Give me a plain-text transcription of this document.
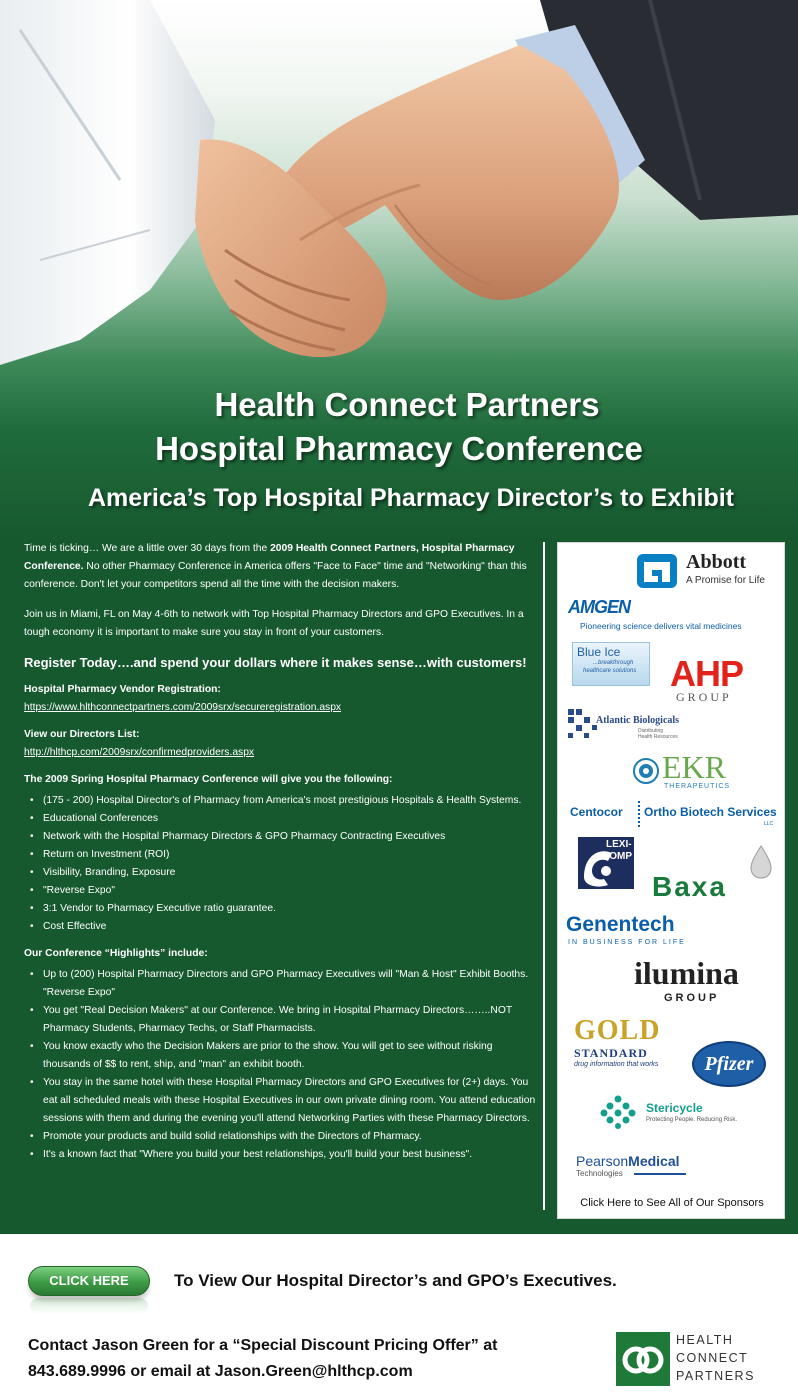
Health Connect Partners
Hospital Pharmacy Conference
America’s Top Hospital Pharmacy Director’s to Exhibit

Time is ticking… We are a little over 30 days from the 2009 Health Connect Partners, Hospital Pharmacy Conference. No other Pharmacy Conference in America offers "Face to Face" time and "Networking" than this conference. Don't let your competitors spend all the time with the decision makers.

Join us in Miami, FL on May 4-6th to network with Top Hospital Pharmacy Directors and GPO Executives. In a tough economy it is important to make sure you stay in front of your customers.

Register Today….and spend your dollars where it makes sense…with customers!

Hospital Pharmacy Vendor Registration:

https://www.hlthconnectpartners.com/2009srx/secureregistration.aspx

View our Directors List:

http://hlthcp.com/2009srx/confirmedproviders.aspx

The 2009 Spring Hospital Pharmacy Conference will give you the following:

• (175 - 200) Hospital Director's of Pharmacy from America's most prestigious Hospitals & Health Systems.
• Educational Conferences
• Network with the Hospital Pharmacy Directors & GPO Pharmacy Contracting Executives
• Return on Investment (ROI)
• Visibility, Branding, Exposure
• "Reverse Expo"
• 3:1 Vendor to Pharmacy Executive ratio guarantee.
• Cost Effective

Our Conference “Highlights” include:

• Up to (200) Hospital Pharmacy Directors and GPO Pharmacy Executives will "Man & Host" Exhibit Booths. "Reverse Expo"
• You get "Real Decision Makers" at our Conference. We bring in Hospital Pharmacy Directors……..NOT Pharmacy Students, Pharmacy Techs, or Staff Pharmacists.
• You know exactly who the Decision Makers are prior to the show. You will get to see without risking thousands of $$ to rent, ship, and "man" an exhibit booth.
• You stay in the same hotel with these Hospital Pharmacy Directors and GPO Executives for (2+) days. You eat all scheduled meals with these Hospital Executives in our own private dining room. You attend education sessions with them and during the evening you'll attend Networking Parties with these Pharmacy Directors.
• Promote your products and build solid relationships with the Directors of Pharmacy.
• It's a known fact that "Where you build your best relationships, you'll build your best business".
Abbott
A Promise for Life
AMGEN
Pioneering science delivers vital medicines
Blue Ice
...breakthrough
healthcare solutions AHP
G R O U P
Atlantic Biologicals
Distributing
Health Resources
EKR
THERAPEUTICS
Centocor Ortho Biotech Services
LLC
LEXI-
COMP
Baxa
Genentech
IN BUSINESS FOR LIFE
ilumina
GROUP
GOLD
STANDARD
drug information that works	Pfizer
Stericycle
Protecting People. Reducing Risk.
PearsonMedical
Technologies
Click Here to See All of Our Sponsors
CLICK HERE	To View Our Hospital Director’s and GPO’s Executives.
Contact Jason Green for a “Special Discount Pricing Offer” at
843.689.9996 or email at Jason.Green@hlthcp.com
HEALTH
CONNECT
PARTNERS
